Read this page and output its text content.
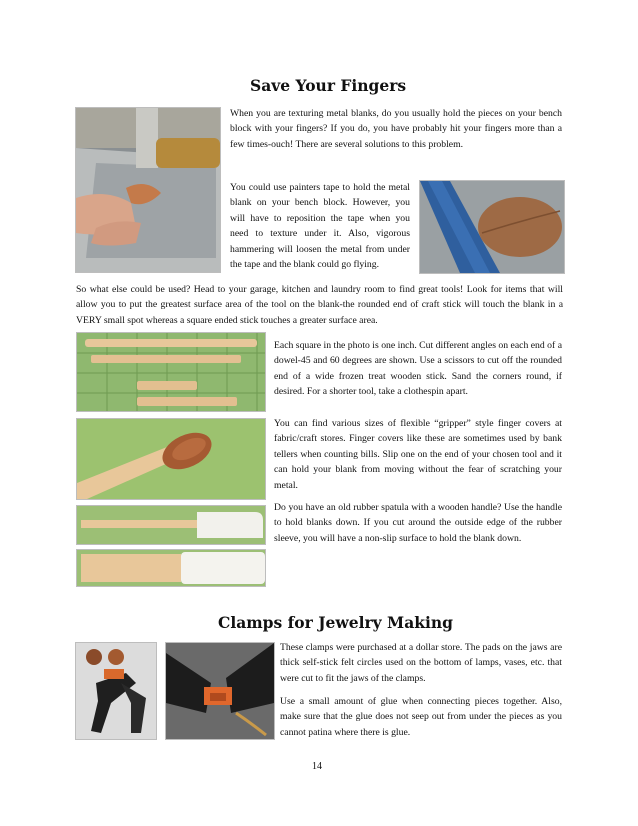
Save Your Fingers

When you are texturing metal blanks, do you usually hold the pieces on your bench block with your fingers? If you do, you have probably hit your fingers more than a few times-ouch! There are several solutions to this problem.

You could use painters tape to hold the metal blank on your bench block. However, you will have to reposition the tape when you need to texture under it. Also, vigorous hammering will loosen the metal from under the tape and the blank could go flying.

So what else could be used? Head to your garage, kitchen and laundry room to find great tools! Look for items that will allow you to put the greatest surface area of the tool on the blank-the rounded end of craft stick will touch the blank in a VERY small spot whereas a square ended stick touches a greater surface area.

Each square in the photo is one inch. Cut different angles on each end of a dowel-45 and 60 degrees are shown. Use a scissors to cut off the rounded end of a wide frozen treat wooden stick. Sand the corners round, if desired. For a shorter tool, take a clothespin apart.

You can find various sizes of flexible “gripper” style finger covers at fabric/craft stores. Finger covers like these are sometimes used by bank tellers when counting bills. Slip one on the end of your chosen tool and it can hold your blank from moving without the fear of scratching your metal.

Do you have an old rubber spatula with a wooden handle? Use the handle to hold blanks down. If you cut around the outside edge of the rubber sleeve, you will have a non-slip surface to hold the blank down.

Clamps for Jewelry Making

These clamps were purchased at a dollar store. The pads on the jaws are thick self-stick felt circles used on the bottom of lamps, vases, etc. that were cut to fit the jaws of the clamps.

Use a small amount of glue when connecting pieces together. Also, make sure that the glue does not seep out from under the pieces as you cannot patina where there is glue.

14
